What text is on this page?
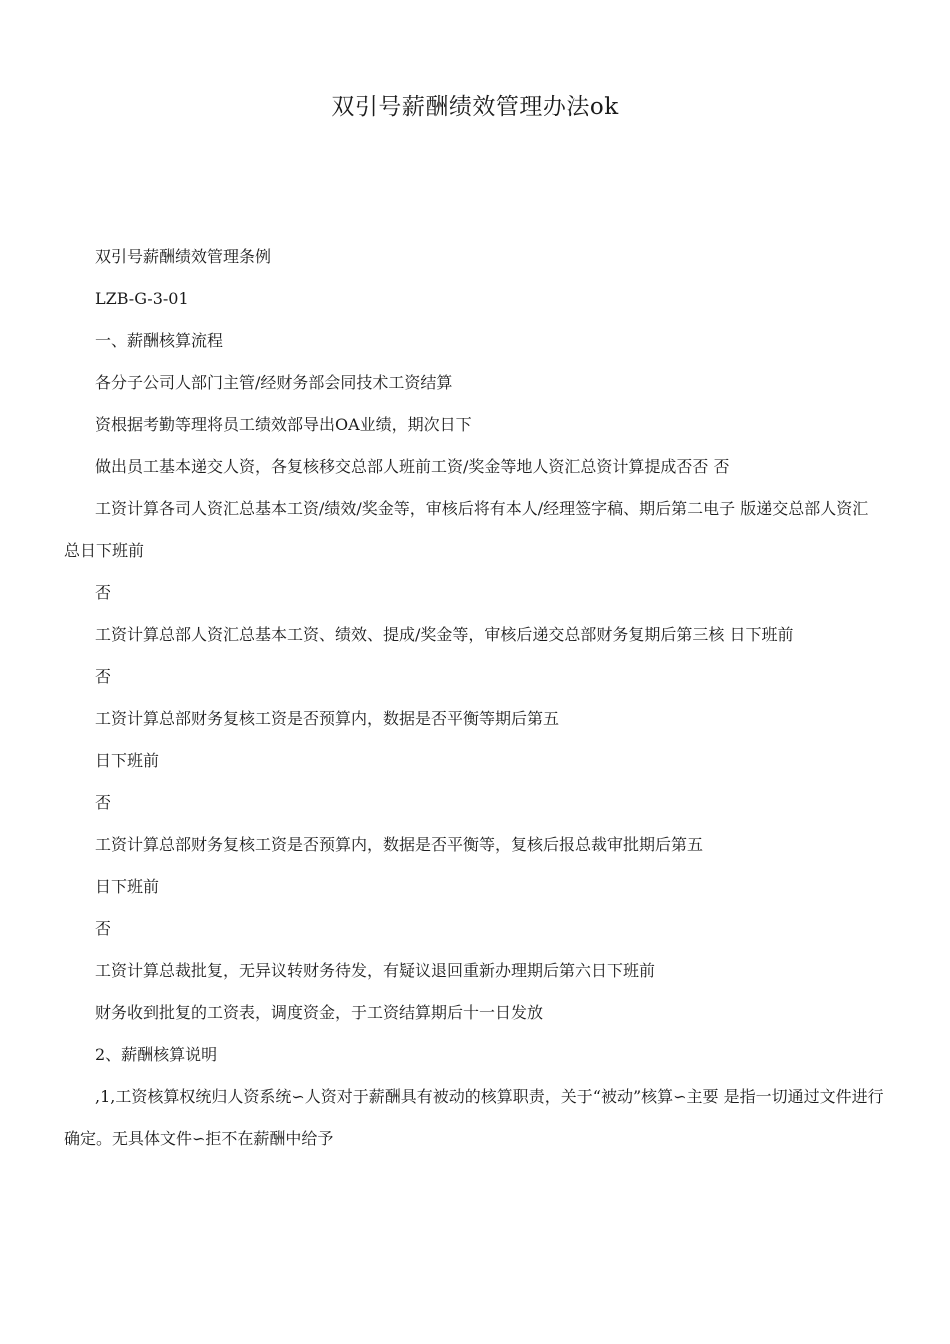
双引号薪酬绩效管理办法ok

双引号薪酬绩效管理条例

LZB-G-3-01

一、薪酬核算流程

各分子公司人部门主管/经财务部会同技术工资结算

资根据考勤等理将员工绩效部导出OA业绩，期次日下

做出员工基本递交人资，各复核移交总部人班前工资/奖金等地人资汇总资计算提成否否 否

工资计算各司人资汇总基本工资/绩效/奖金等，审核后将有本人/经理签字稿、期后第二电子 版递交总部人资汇总日下班前

否

工资计算总部人资汇总基本工资、绩效、提成/奖金等，审核后递交总部财务复期后第三核 日下班前

否

工资计算总部财务复核工资是否预算内，数据是否平衡等期后第五

日下班前

否

工资计算总部财务复核工资是否预算内，数据是否平衡等，复核后报总裁审批期后第五

日下班前

否

工资计算总裁批复，无异议转财务待发，有疑议退回重新办理期后第六日下班前

财务收到批复的工资表，调度资金，于工资结算期后十一日发放

2、薪酬核算说明

,1,工资核算权统归人资系统∽人资对于薪酬具有被动的核算职责，关于“被动”核算∽主要 是指一切通过文件进行确定。无具体文件∽拒不在薪酬中给予
